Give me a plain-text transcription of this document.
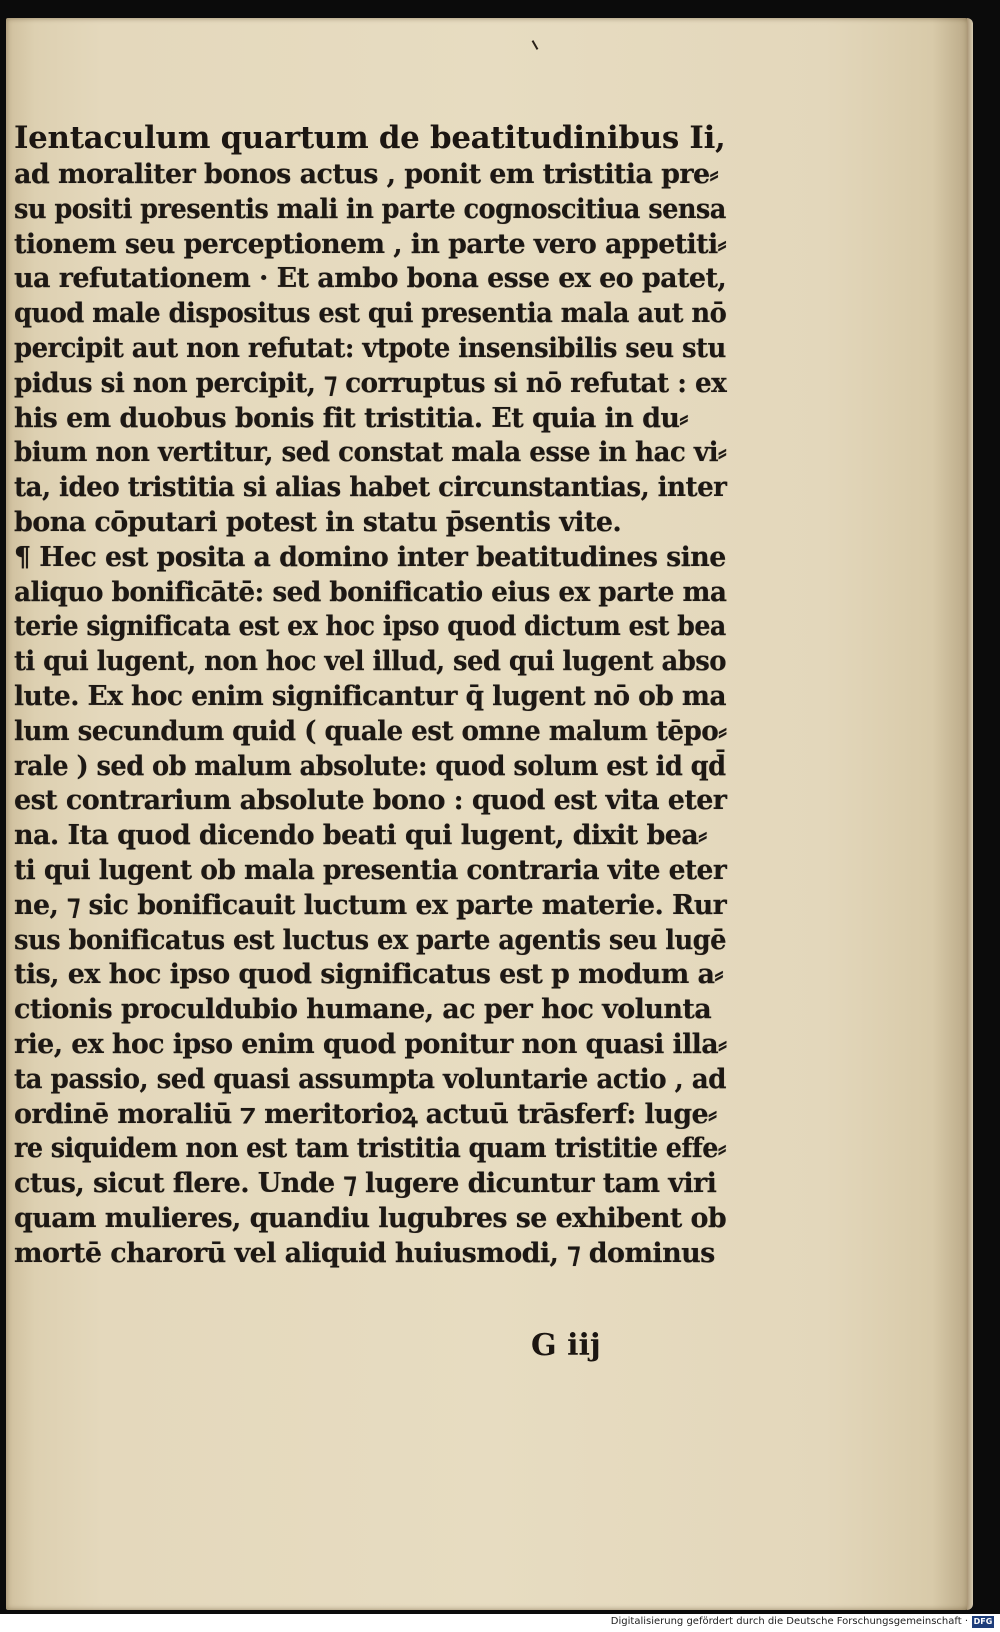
Ientaculum quartum de beatitudinibus Ii,
ad moraliter bonos actus , ponit em tristitia pre⸗
su positi presentis mali in parte cognoscitiua sensa
tionem seu perceptionem , in parte vero appetiti⸗
ua refutationem · Et ambo bona esse ex eo patet,
quod male dispositus est qui presentia mala aut nō
percipit aut non refutat: vtpote insensibilis seu stu
pidus si non percipit, ⁊ corruptus si nō refutat : ex
his em duobus bonis fit tristitia. Et quia in du⸗
bium non vertitur, sed constat mala esse in hac vi⸗
ta, ideo tristitia si alias habet circunstantias, inter
bona cōputari potest in statu p̄sentis vite.
¶ Hec est posita a domino inter beatitudines sine
aliquo bonificātē: sed bonificatio eius ex parte ma
terie significata est ex hoc ipso quod dictum est bea
ti qui lugent, non hoc vel illud, sed qui lugent abso
lute. Ex hoc enim significantur q̄ lugent nō ob ma
lum secundum quid ( quale est omne malum tēpo⸗
rale ) sed ob malum absolute: quod solum est id qd̄
est contrarium absolute bono : quod est vita eter
na. Ita quod dicendo beati qui lugent, dixit bea⸗
ti qui lugent ob mala presentia contraria vite eter
ne, ⁊ sic bonificauit luctum ex parte materie. Rur
sus bonificatus est luctus ex parte agentis seu lugē
tis, ex hoc ipso quod significatus est p modum a⸗
ctionis proculdubio humane, ac per hoc volunta
rie, ex hoc ipso enim quod ponitur non quasi illa⸗
ta passio, sed quasi assumpta voluntarie actio , ad
ordinē moraliū ⁊ meritorioꝝ actuū trāsferf: luge⸗
re siquidem non est tam tristitia quam tristitie effe⸗
ctus, sicut flere. Unde ⁊ lugere dicuntur tam viri
quam mulieres, quandiu lugubres se exhibent ob
mortē charorū vel aliquid huiusmodi, ⁊ dominus
G iij
Digitalisierung gefördert durch die Deutsche Forschungsgemeinschaft · DFG
